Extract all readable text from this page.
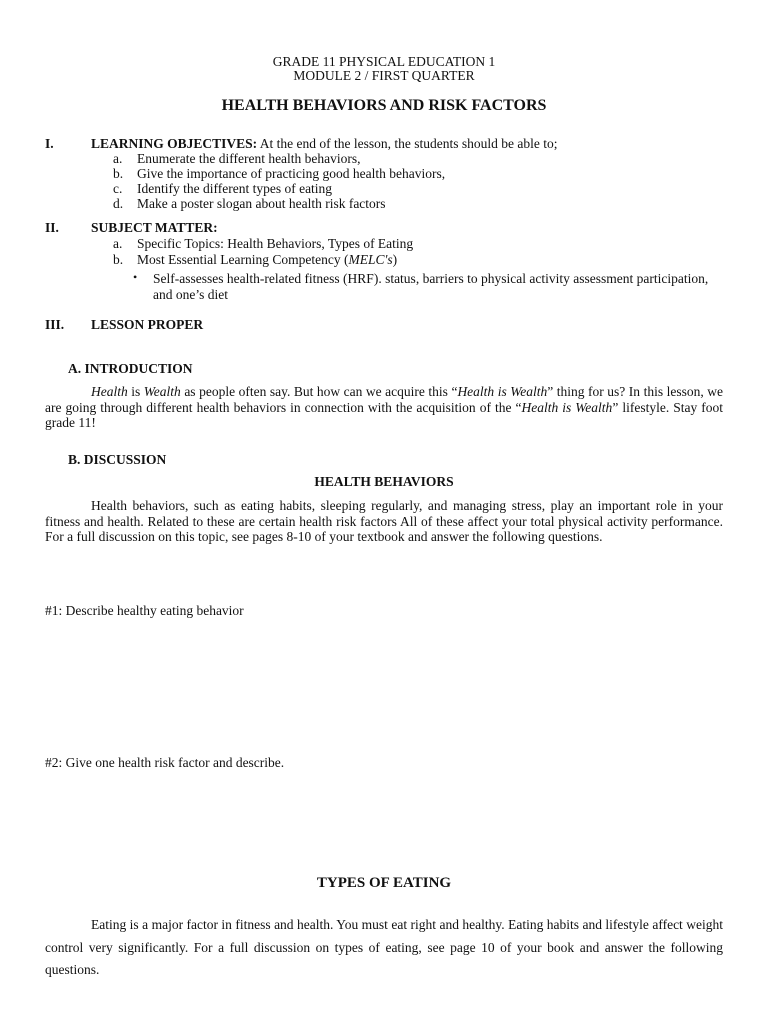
GRADE 11 PHYSICAL EDUCATION 1
MODULE 2 / FIRST QUARTER
HEALTH BEHAVIORS AND RISK FACTORS
I.	LEARNING OBJECTIVES: At the end of the lesson, the students should be able to;
a. Enumerate the different health behaviors,
b. Give the importance of practicing good health behaviors,
c. Identify the different types of eating
d. Make a poster slogan about health risk factors
II. SUBJECT MATTER:
a. Specific Topics: Health Behaviors, Types of Eating
b. Most Essential Learning Competency (MELC's)
• Self-assesses health-related fitness (HRF). status, barriers to physical activity assessment participation, and one’s diet
III. LESSON PROPER
A. INTRODUCTION

Health is Wealth as people often say. But how can we acquire this “Health is Wealth” thing for us? In this lesson, we are going through different health behaviors in connection with the acquisition of the “Health is Wealth” lifestyle. Stay foot grade 11!

B. DISCUSSION
HEALTH BEHAVIORS

Health behaviors, such as eating habits, sleeping regularly, and managing stress, play an important role in your fitness and health. Related to these are certain health risk factors All of these affect your total physical activity performance. For a full discussion on this topic, see pages 8-10 of your textbook and answer the following questions.

#1: Describe healthy eating behavior
#2: Give one health risk factor and describe.
TYPES OF EATING

Eating is a major factor in fitness and health. You must eat right and healthy. Eating habits and lifestyle affect weight control very significantly. For a full discussion on types of eating, see page 10 of your book and answer the following questions.
